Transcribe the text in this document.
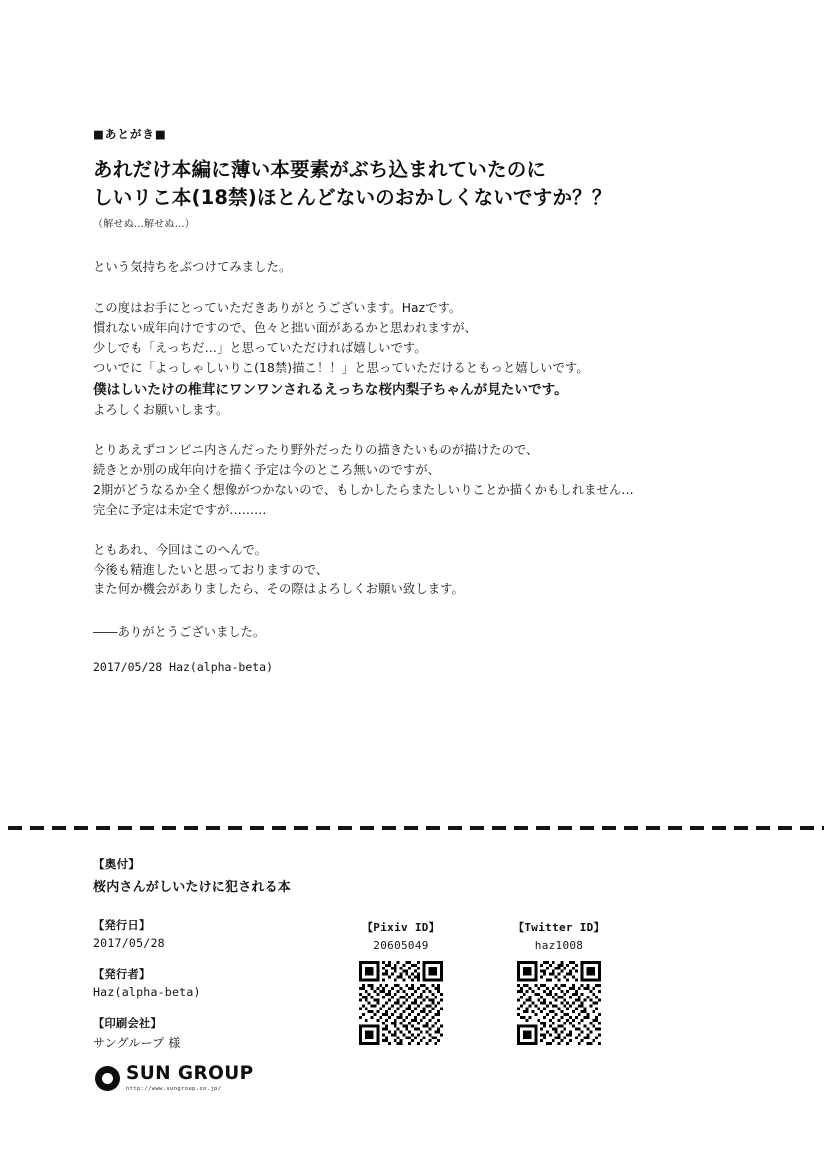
■あとがき■
あれだけ本編に薄い本要素がぶち込まれていたのに
しいリこ本(18禁)ほとんどないのおかしくないですか？？
（解せぬ…解せぬ…）
という気持ちをぶつけてみました。
この度はお手にとっていただきありがとうございます。Hazです。
慣れない成年向けですので、色々と拙い面があるかと思われますが、
少しでも「えっちだ…」と思っていただければ嬉しいです。
ついでに「よっしゃしいりこ(18禁)描こ！！」と思っていただけるともっと嬉しいです。
僕はしいたけの椎茸にワンワンされるえっちな桜内梨子ちゃんが見たいです。
よろしくお願いします。
とりあえずコンビニ内さんだったり野外だったりの描きたいものが描けたので、
続きとか別の成年向けを描く予定は今のところ無いのですが、
2期がどうなるか全く想像がつかないので、もしかしたらまたしいりことか描くかもしれません…
完全に予定は未定ですが………
ともあれ、今回はこのへんで。
今後も精進したいと思っておりますので、
また何か機会がありましたら、その際はよろしくお願い致します。
――ありがとうございました。
2017/05/28 Haz(alpha-beta)
【奥付】
桜内さんがしいたけに犯される本
【発行日】
2017/05/28
【発行者】
Haz(alpha-beta)
【印刷会社】
サングループ 様
SUN GROUP
http://www.sungroup.co.jp/
【Pixiv ID】
20605049
【Twitter ID】
haz1008
